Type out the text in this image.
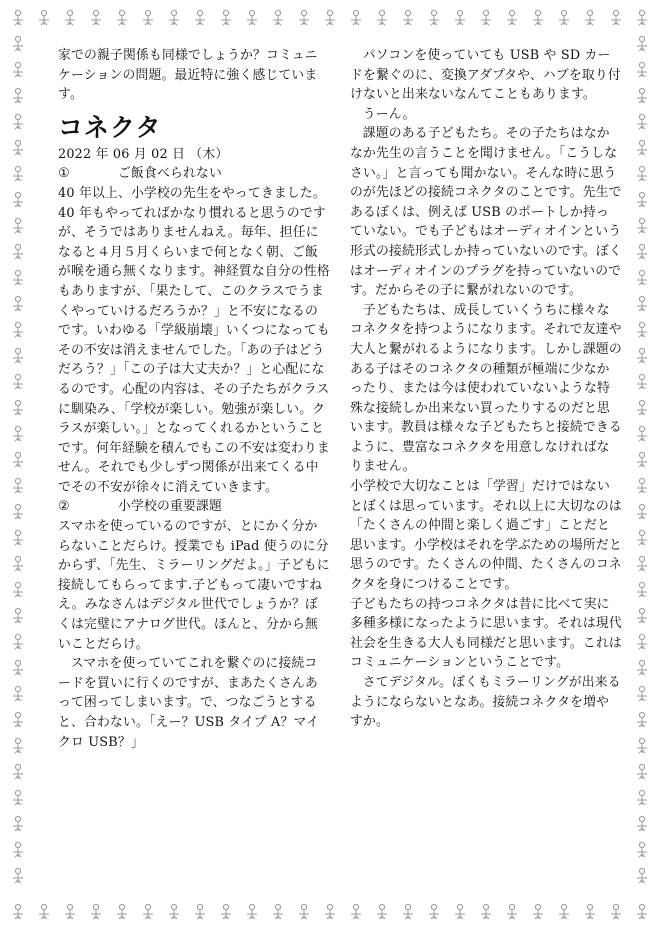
家での親子関係も同様でしょうか？コミュニケーションの問題。最近特に強く感じています。

コネクタ

2022 年 06 月 02 日 （木）

①	ご飯食べられない

40 年以上、小学校の先生をやってきました。40 年もやってればかなり慣れると思うのですが、そうではありませんねえ。毎年、担任になると４月５月くらいまで何となく朝、ご飯が喉を通ら無くなります。神経質な自分の性格もありますが、「果たして、このクラスでうまくやっていけるだろうか？」と不安になるのです。いわゆる「学級崩壊」いくつになってもその不安は消えませんでした。「あの子はどうだろう？」「この子は大丈夫か？」と心配になるのです。心配の内容は、その子たちがクラスに馴染み、「学校が楽しい。勉強が楽しい。クラスが楽しい。」となってくれるかということです。何年経験を積んでもこの不安は変わりません。それでも少しずつ関係が出来てくる中でその不安が徐々に消えていきます。

②	小学校の重要課題

スマホを使っているのですが、とにかく分からないことだらけ。授業でも iPad 使うのに分からず、「先生、ミラーリングだよ。」子どもに接続してもらってます.子どもって凄いですねえ。みなさんはデジタル世代でしょうか？ぼくは完璧にアナログ世代。ほんと、分から無いことだらけ。

スマホを使っていてこれを繋ぐのに接続コードを買いに行くのですが、まあたくさんあって困ってしまいます。で、つなごうとすると、合わない。「えー？USB タイプ A？マイクロ USB？」

パソコンを使っていても USB や SD カードを繋ぐのに、変換アダプタや、ハブを取り付けないと出来ないなんてこともあります。

うーん。

課題のある子どもたち。その子たちはなかなか先生の言うことを聞けません。「こうしなさい。」と言っても聞かない。そんな時に思うのが先ほどの接続コネクタのことです。先生であるぼくは、例えば USB のポートしか持っていない。でも子どもはオーディオインという形式の接続形式しか持っていないのです。ぼくはオーディオインのプラグを持っていないのです。だからその子に繋がれないのです。

子どもたちは、成長していくうちに様々なコネクタを持つようになります。それで友達や大人と繋がれるようになります。しかし課題のある子はそのコネクタの種類が極端に少なかったり、または今は使われていないような特殊な接続しか出来ない買ったりするのだと思います。教員は様々な子どもたちと接続できるように、豊富なコネクタを用意しなければなりません。

小学校で大切なことは「学習」だけではないとぼくは思っています。それ以上に大切なのは「たくさんの仲間と楽しく過ごす」ことだと思います。小学校はそれを学ぶための場所だと思うのです。たくさんの仲間、たくさんのコネクタを身につけることです。

子どもたちの持つコネクタは昔に比べて実に多種多様になったように思います。それは現代社会を生きる大人も同様だと思います。これはコミュニケーションということです。

さてデジタル。ぼくもミラーリングが出来るようにならないとなあ。接続コネクタを増やすか。
